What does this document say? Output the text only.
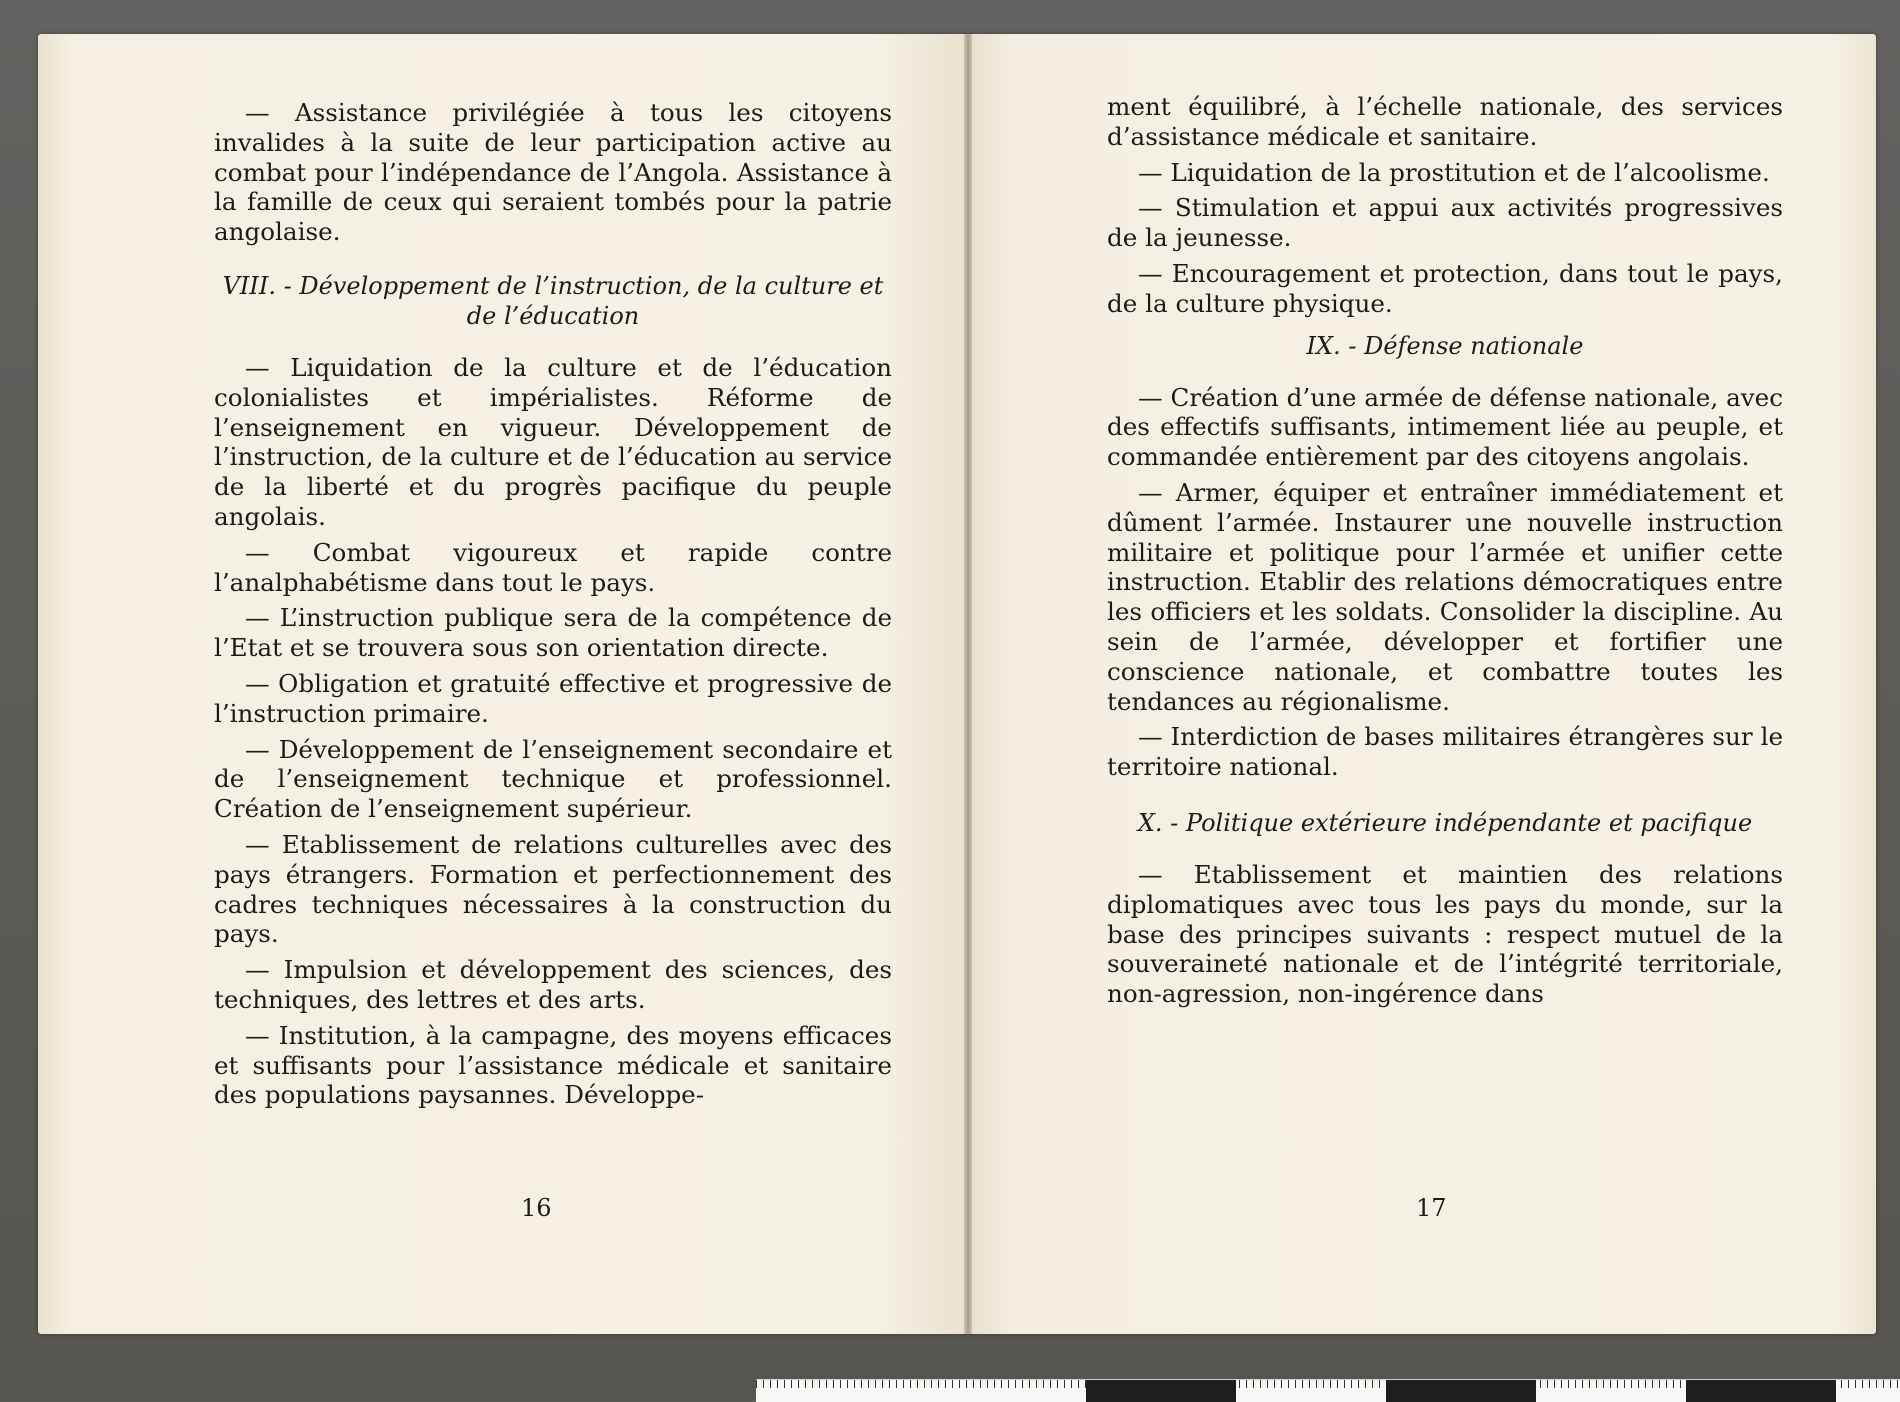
— Assistance privilégiée à tous les citoyens invalides à la suite de leur participation active au combat pour l’indépendance de l’Angola. Assistance à la famille de ceux qui seraient tombés pour la patrie angolaise.

VIII. - Développement de l’instruction, de la culture et de l’éducation

— Liquidation de la culture et de l’éducation colonialistes et impérialistes. Réforme de l’enseignement en vigueur. Développement de l’instruction, de la culture et de l’éducation au service de la liberté et du progrès pacifique du peuple angolais.

— Combat vigoureux et rapide contre l’analphabétisme dans tout le pays.

— L’instruction publique sera de la compétence de l’Etat et se trouvera sous son orientation directe.

— Obligation et gratuité effective et progressive de l’instruction primaire.

— Développement de l’enseignement secondaire et de l’enseignement technique et professionnel. Création de l’enseignement supérieur.

— Etablissement de relations culturelles avec des pays étrangers. Formation et perfectionnement des cadres techniques nécessaires à la construction du pays.

— Impulsion et développement des sciences, des techniques, des lettres et des arts.

— Institution, à la campagne, des moyens efficaces et suffisants pour l’assistance médicale et sanitaire des populations paysannes. Développe-

16

ment équilibré, à l’échelle nationale, des services d’assistance médicale et sanitaire.

— Liquidation de la prostitution et de l’alcoolisme.

— Stimulation et appui aux activités progressives de la jeunesse.

— Encouragement et protection, dans tout le pays, de la culture physique.

IX. - Défense nationale

— Création d’une armée de défense nationale, avec des effectifs suffisants, intimement liée au peuple, et commandée entièrement par des citoyens angolais.

— Armer, équiper et entraîner immédiatement et dûment l’armée. Instaurer une nouvelle instruction militaire et politique pour l’armée et unifier cette instruction. Etablir des relations démocratiques entre les officiers et les soldats. Consolider la discipline. Au sein de l’armée, développer et fortifier une conscience nationale, et combattre toutes les tendances au régionalisme.

— Interdiction de bases militaires étrangères sur le territoire national.

X. - Politique extérieure indépendante et pacifique

— Etablissement et maintien des relations diplomatiques avec tous les pays du monde, sur la base des principes suivants : respect mutuel de la souveraineté nationale et de l’intégrité territoriale, non-agression, non-ingérence dans

17
